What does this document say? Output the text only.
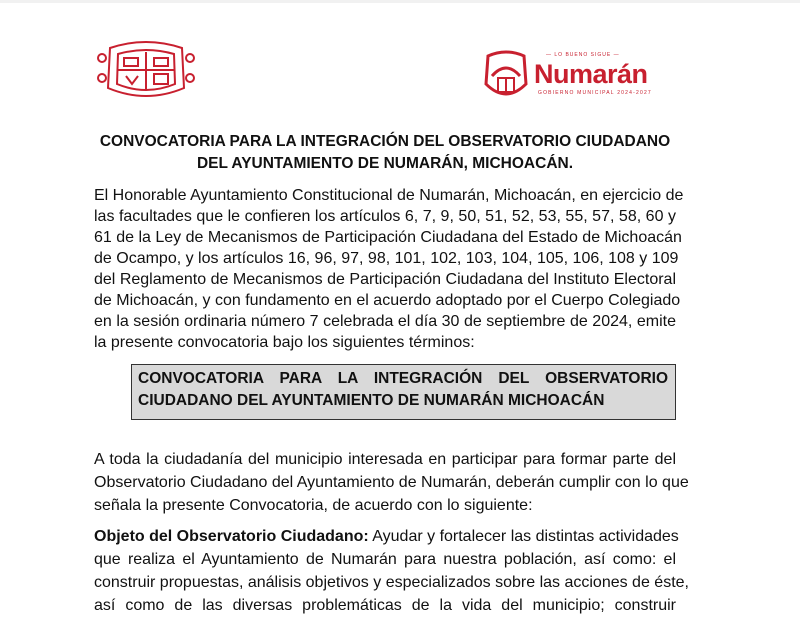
— LO BUENO SIGUE —
Numarán
GOBIERNO MUNICIPAL 2024-2027
CONVOCATORIA PARA LA INTEGRACIÓN DEL OBSERVATORIO CIUDADANO
DEL AYUNTAMIENTO DE NUMARÁN, MICHOACÁN.
El Honorable Ayuntamiento Constitucional de Numarán, Michoacán, en ejercicio de
las facultades que le confieren los artículos 6, 7, 9, 50, 51, 52, 53, 55, 57, 58, 60 y
61 de la Ley de Mecanismos de Participación Ciudadana del Estado de Michoacán
de Ocampo, y los artículos 16, 96, 97, 98, 101, 102, 103, 104, 105, 106, 108 y 109
del Reglamento de Mecanismos de Participación Ciudadana del Instituto Electoral
de Michoacán, y con fundamento en el acuerdo adoptado por el Cuerpo Colegiado
en la sesión ordinaria número 7 celebrada el día 30 de septiembre de 2024, emite
la presente convocatoria bajo los siguientes términos:
CONVOCATORIA PARA LA INTEGRACIÓN DEL OBSERVATORIO
CIUDADANO DEL AYUNTAMIENTO DE NUMARÁN MICHOACÁN
A toda la ciudadanía del municipio interesada en participar para formar parte del
Observatorio Ciudadano del Ayuntamiento de Numarán, deberán cumplir con lo que
señala la presente Convocatoria, de acuerdo con lo siguiente:
Objeto del Observatorio Ciudadano: Ayudar y fortalecer las distintas actividades
que realiza el Ayuntamiento de Numarán para nuestra población, así como: el
construir propuestas, análisis objetivos y especializados sobre las acciones de éste,
así como de las diversas problemáticas de la vida del municipio; construir
